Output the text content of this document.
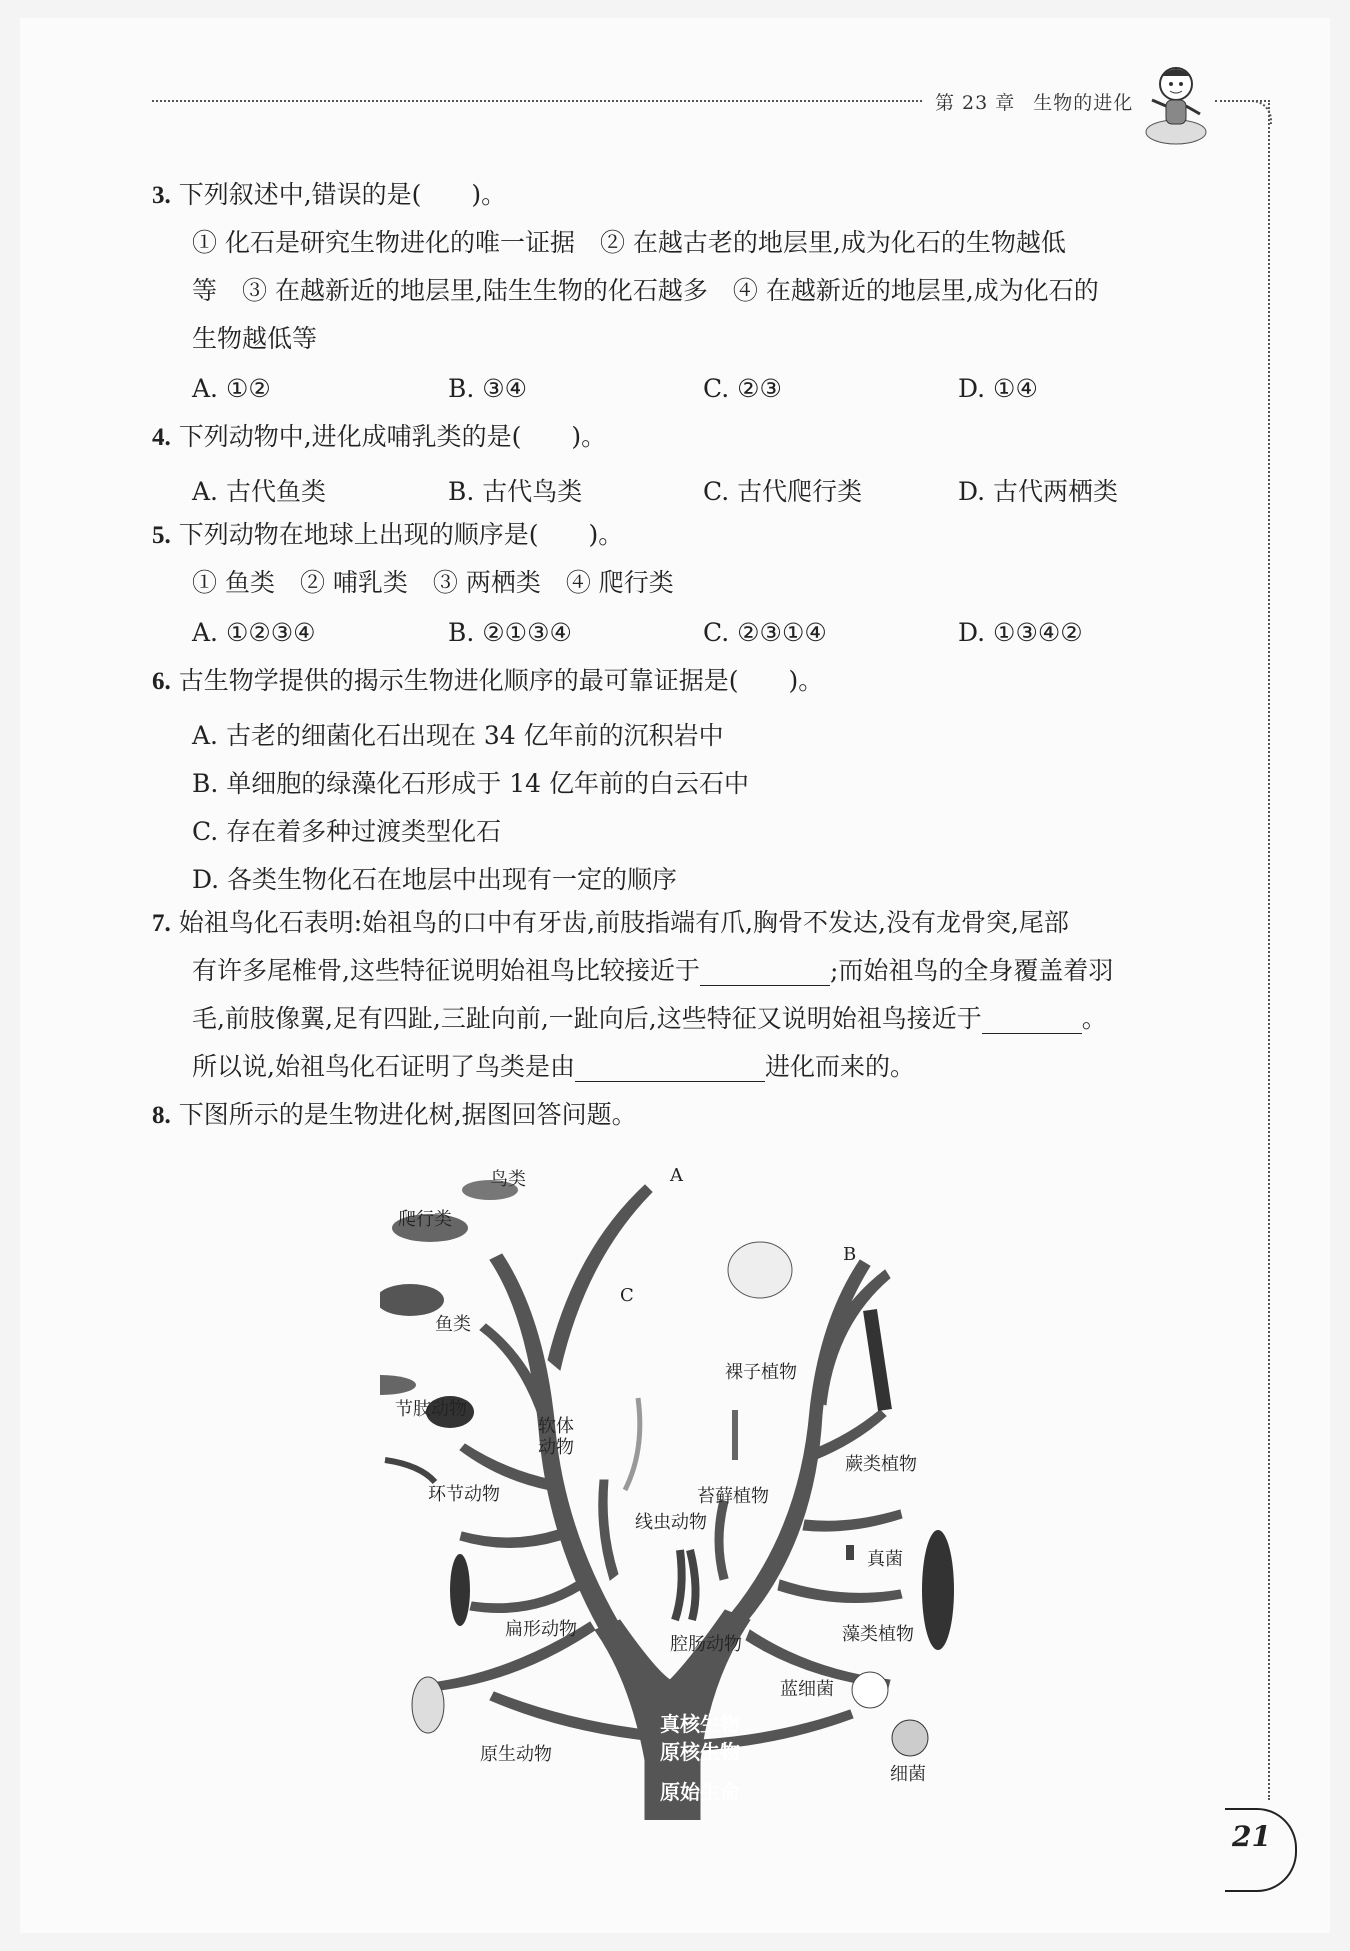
第 23 章 生物的进化
3. 下列叙述中,错误的是(　　)。
① 化石是研究生物进化的唯一证据　② 在越古老的地层里,成为化石的生物越低
等　③ 在越新近的地层里,陆生生物的化石越多　④ 在越新近的地层里,成为化石的
生物越低等
A. ①②	B. ③④	C. ②③	D. ①④
4. 下列动物中,进化成哺乳类的是(　　)。
A. 古代鱼类	B. 古代鸟类	C. 古代爬行类	D. 古代两栖类
5. 下列动物在地球上出现的顺序是(　　)。
① 鱼类　② 哺乳类　③ 两栖类　④ 爬行类
A. ①②③④	B. ②①③④	C. ②③①④	D. ①③④②
6. 古生物学提供的揭示生物进化顺序的最可靠证据是(　　)。
A. 古老的细菌化石出现在 34 亿年前的沉积岩中
B. 单细胞的绿藻化石形成于 14 亿年前的白云石中
C. 存在着多种过渡类型化石
D. 各类生物化石在地层中出现有一定的顺序
7. 始祖鸟化石表明:始祖鸟的口中有牙齿,前肢指端有爪,胸骨不发达,没有龙骨突,尾部
有许多尾椎骨,这些特征说明始祖鸟比较接近于	;而始祖鸟的全身覆盖着羽
毛,前肢像翼,足有四趾,三趾向前,一趾向后,这些特征又说明始祖鸟接近于	。
所以说,始祖鸟化石证明了鸟类是由	进化而来的。
8. 下图所示的是生物进化树,据图回答问题。
A
B
C
鸟类
爬行类
鱼类
节肢动物
软体
动物
环节动物
线虫动物
扁形动物
腔肠动物
原生动物
裸子植物
蕨类植物
苔藓植物
真菌
藻类植物
蓝细菌
细菌
真核生物
原核生物
原始生命
21
